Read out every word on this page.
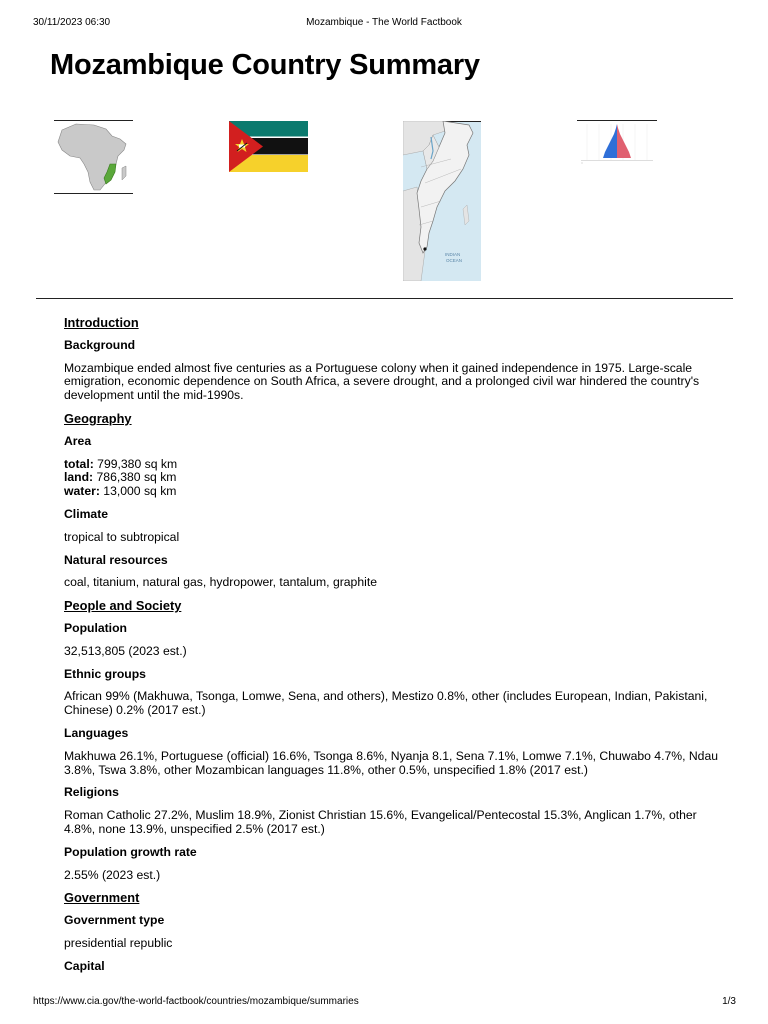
Mozambique - The World Factbook
30/11/2023 06:30
Mozambique Country Summary
INDIAN
OCEAN
Introduction
Background
Mozambique ended almost five centuries as a Portuguese colony when it gained independence in 1975. Large-scale emigration, economic dependence on South Africa, a severe drought, and a prolonged civil war hindered the country's development until the mid-1990s.
Geography
Area
total: 799,380 sq km
land: 786,380 sq km
water: 13,000 sq km
Climate
tropical to subtropical
Natural resources
coal, titanium, natural gas, hydropower, tantalum, graphite
People and Society
Population
32,513,805 (2023 est.)
Ethnic groups
African 99% (Makhuwa, Tsonga, Lomwe, Sena, and others), Mestizo 0.8%, other (includes European, Indian, Pakistani, Chinese) 0.2% (2017 est.)
Languages
Makhuwa 26.1%, Portuguese (official) 16.6%, Tsonga 8.6%, Nyanja 8.1, Sena 7.1%, Lomwe 7.1%, Chuwabo 4.7%, Ndau 3.8%, Tswa 3.8%, other Mozambican languages 11.8%, other 0.5%, unspecified 1.8% (2017 est.)
Religions
Roman Catholic 27.2%, Muslim 18.9%, Zionist Christian 15.6%, Evangelical/Pentecostal 15.3%, Anglican 1.7%, other 4.8%, none 13.9%, unspecified 2.5% (2017 est.)
Population growth rate
2.55% (2023 est.)
Government
Government type
presidential republic
Capital
https://www.cia.gov/the-world-factbook/countries/mozambique/summaries	1/3
